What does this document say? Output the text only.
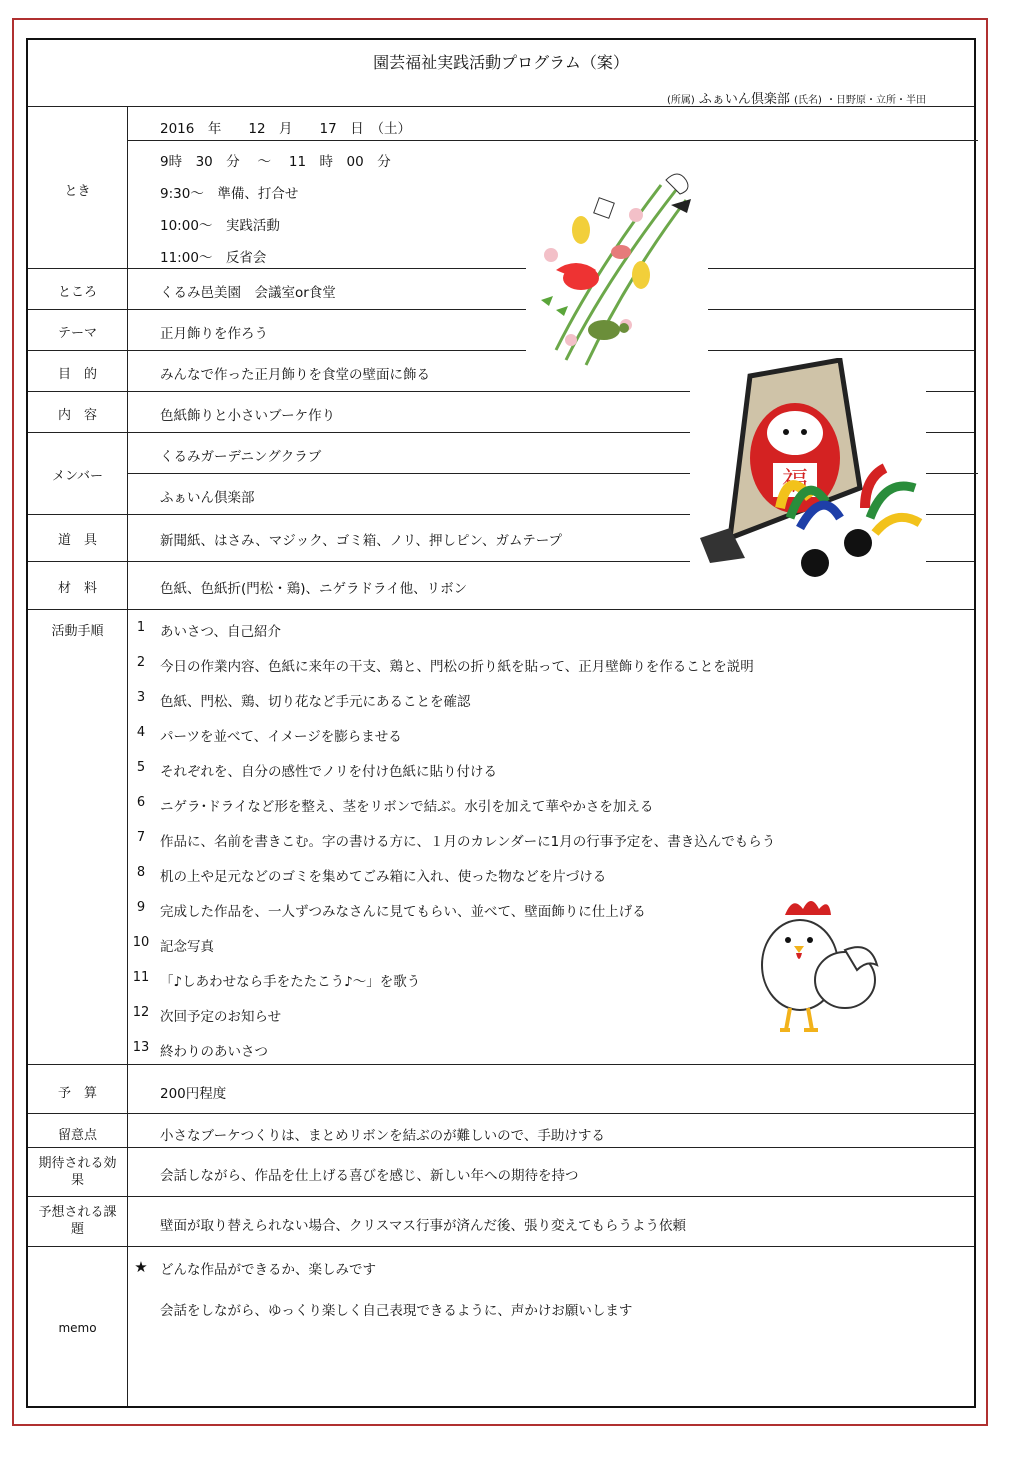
園芸福祉実践活動プログラム（案）
(所属) ふぁいん倶楽部 (氏名) ・日野原・立所・半田
とき
2016　年　　12　月　　17　日　（土）
9時　30　分　 ～　 11　時　00　分
9:30～　準備、打合せ
10:00～　実践活動
11:00～　反省会
ところ	くるみ邑美園　会議室or食堂
テーマ	正月飾りを作ろう
目　的	みんなで作った正月飾りを食堂の壁面に飾る
内　容	色紙飾りと小さいブーケ作り
メンバー
くるみガーデニングクラブ
ふぁいん倶楽部
道　具	新聞紙、はさみ、マジック、ゴミ箱、ノリ、押しピン、ガムテープ
材　料	色紙、色紙折(門松・鶏)、ニゲラドライ他、リボン
活動手順	1	あいさつ、自己紹介
2	今日の作業内容、色紙に来年の干支、鶏と、門松の折り紙を貼って、正月壁飾りを作ることを説明
3	色紙、門松、鶏、切り花など手元にあることを確認
4	パーツを並べて、イメージを膨らませる
5	それぞれを、自分の感性でノリを付け色紙に貼り付ける
6	ニゲラ･ドライなど形を整え、茎をリボンで結ぶ。水引を加えて華やかさを加える
7	作品に、名前を書きこむ。字の書ける方に、１月のカレンダーに1月の行事予定を、書き込んでもらう
8	机の上や足元などのゴミを集めてごみ箱に入れ、使った物などを片づける
9	完成した作品を、一人ずつみなさんに見てもらい、並べて、壁面飾りに仕上げる
10 記念写真
11 「♪しあわせなら手をたたこう♪～」を歌う
12 次回予定のお知らせ
13 終わりのあいさつ
予　算	200円程度
留意点	小さなブーケつくりは、まとめリボンを結ぶのが難しいので、手助けする
期待される効
果	会話しながら、作品を仕上げる喜びを感じ、新しい年への期待を持つ
予想される課
題	壁面が取り替えられない場合、クリスマス行事が済んだ後、張り変えてもらうよう依頼
memo
★ どんな作品ができるか、楽しみです
会話をしながら、ゆっくり楽しく自己表現できるように、声かけお願いします
福
